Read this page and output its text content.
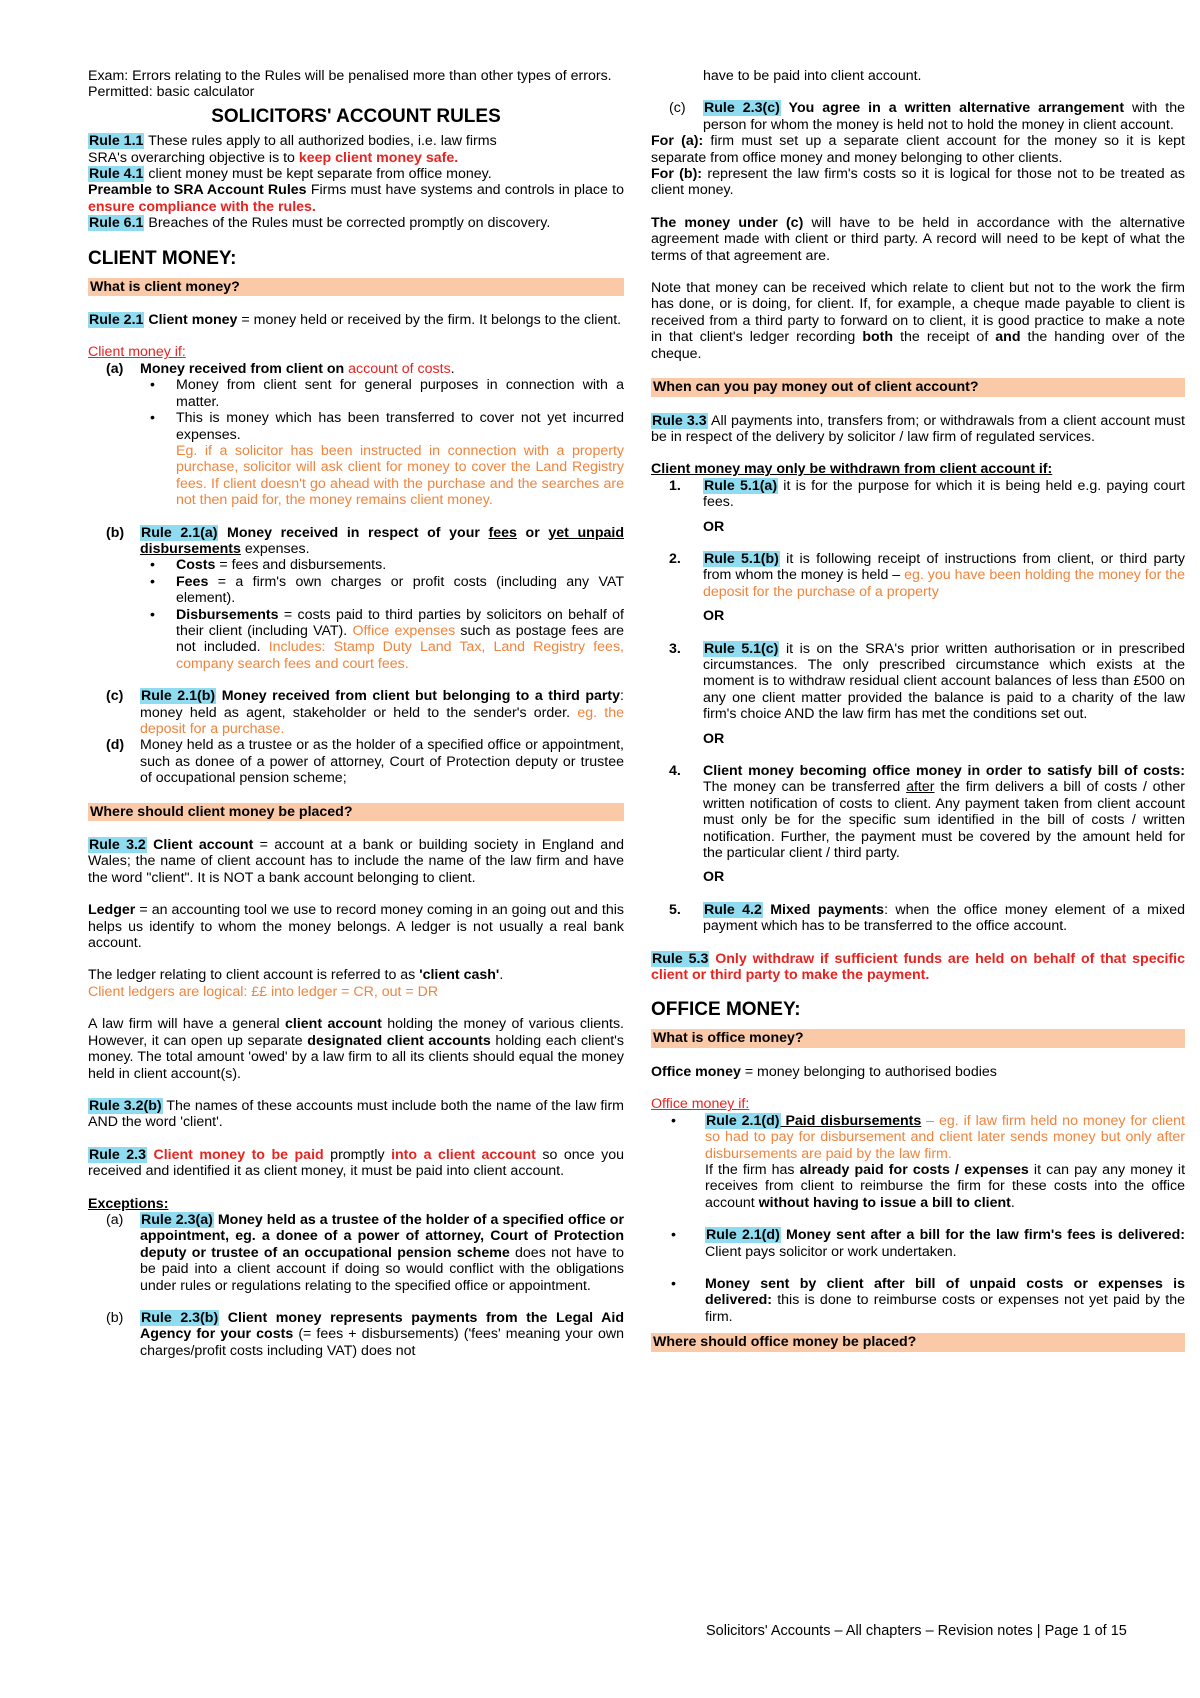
Exam: Errors relating to the Rules will be penalised more than other types of errors. Permitted: basic calculator

SOLICITORS' ACCOUNT RULES

Rule 1.1 These rules apply to all authorized bodies, i.e. law firms

SRA's overarching objective is to keep client money safe.

Rule 4.1 client money must be kept separate from office money.

Preamble to SRA Account Rules Firms must have systems and controls in place to ensure compliance with the rules.

Rule 6.1 Breaches of the Rules must be corrected promptly on discovery.

CLIENT MONEY:

What is client money?

Rule 2.1 Client money = money held or received by the firm. It belongs to the client.

Client money if:

(a)	Money received from client on account of costs.
•	Money from client sent for general purposes in connection with a matter.
•	This is money which has been transferred to cover not yet incurred expenses.
Eg. if a solicitor has been instructed in connection with a property purchase, solicitor will ask client for money to cover the Land Registry fees. If client doesn't go ahead with the purchase and the searches are not then paid for, the money remains client money.
(b)	Rule 2.1(a) Money received in respect of your fees or yet unpaid disbursements expenses.
•	Costs = fees and disbursements.
•	Fees = a firm's own charges or profit costs (including any VAT element).
•	Disbursements = costs paid to third parties by solicitors on behalf of their client (including VAT). Office expenses such as postage fees are not included. Includes: Stamp Duty Land Tax, Land Registry fees, company search fees and court fees.
(c)	Rule 2.1(b) Money received from client but belonging to a third party: money held as agent, stakeholder or held to the sender's order. eg. the deposit for a purchase.
(d)	Money held as a trustee or as the holder of a specified office or appointment, such as donee of a power of attorney, Court of Protection deputy or trustee of occupational pension scheme;

Where should client money be placed?

Rule 3.2 Client account = account at a bank or building society in England and Wales; the name of client account has to include the name of the law firm and have the word "client". It is NOT a bank account belonging to client.

Ledger = an accounting tool we use to record money coming in an going out and this helps us identify to whom the money belongs. A ledger is not usually a real bank account.

The ledger relating to client account is referred to as 'client cash'.

Client ledgers are logical: ££ into ledger = CR, out = DR

A law firm will have a general client account holding the money of various clients. However, it can open up separate designated client accounts holding each client's money. The total amount 'owed' by a law firm to all its clients should equal the money held in client account(s).

Rule 3.2(b) The names of these accounts must include both the name of the law firm AND the word 'client'.

Rule 2.3 Client money to be paid promptly into a client account so once you received and identified it as client money, it must be paid into client account.

Exceptions:

(a)	Rule 2.3(a) Money held as a trustee of the holder of a specified office or appointment, eg. a donee of a power of attorney, Court of Protection deputy or trustee of an occupational pension scheme does not have to be paid into a client account if doing so would conflict with the obligations under rules or regulations relating to the specified office or appointment.
(b)	Rule 2.3(b) Client money represents payments from the Legal Aid Agency for your costs (= fees + disbursements) ('fees' meaning your own charges/profit costs including VAT) does not

have to be paid into client account.

(c)	Rule 2.3(c) You agree in a written alternative arrangement with the person for whom the money is held not to hold the money in client account.

For (a): firm must set up a separate client account for the money so it is kept separate from office money and money belonging to other clients.

For (b): represent the law firm's costs so it is logical for those not to be treated as client money.

The money under (c) will have to be held in accordance with the alternative agreement made with client or third party. A record will need to be kept of what the terms of that agreement are.

Note that money can be received which relate to client but not to the work the firm has done, or is doing, for client. If, for example, a cheque made payable to client is received from a third party to forward on to client, it is good practice to make a note in that client's ledger recording both the receipt of and the handing over of the cheque.

When can you pay money out of client account?

Rule 3.3 All payments into, transfers from; or withdrawals from a client account must be in respect of the delivery by solicitor / law firm of regulated services.

Client money may only be withdrawn from client account if:

1.	Rule 5.1(a) it is for the purpose for which it is being held e.g. paying court fees.

OR

2.	Rule 5.1(b) it is following receipt of instructions from client, or third party from whom the money is held – eg. you have been holding the money for the deposit for the purchase of a property

OR

3.	Rule 5.1(c) it is on the SRA's prior written authorisation or in prescribed circumstances. The only prescribed circumstance which exists at the moment is to withdraw residual client account balances of less than £500 on any one client matter provided the balance is paid to a charity of the law firm's choice AND the law firm has met the conditions set out.

OR

4.	Client money becoming office money in order to satisfy bill of costs: The money can be transferred after the firm delivers a bill of costs / other written notification of costs to client. Any payment taken from client account must only be for the specific sum identified in the bill of costs / written notification. Further, the payment must be covered by the amount held for the particular client / third party.

OR

5.	Rule 4.2 Mixed payments: when the office money element of a mixed payment which has to be transferred to the office account.

Rule 5.3 Only withdraw if sufficient funds are held on behalf of that specific client or third party to make the payment.

OFFICE MONEY:

What is office money?

Office money = money belonging to authorised bodies

Office money if:

•	Rule 2.1(d) Paid disbursements – eg. if law firm held no money for client so had to pay for disbursement and client later sends money but only after disbursements are paid by the law firm.
If the firm has already paid for costs / expenses it can pay any money it receives from client to reimburse the firm for these costs into the office account without having to issue a bill to client.
•	Rule 2.1(d) Money sent after a bill for the law firm's fees is delivered: Client pays solicitor or work undertaken.
•	Money sent by client after bill of unpaid costs or expenses is delivered: this is done to reimburse costs or expenses not yet paid by the firm.

Where should office money be placed?

Solicitors' Accounts – All chapters – Revision notes | Page 1 of 15
